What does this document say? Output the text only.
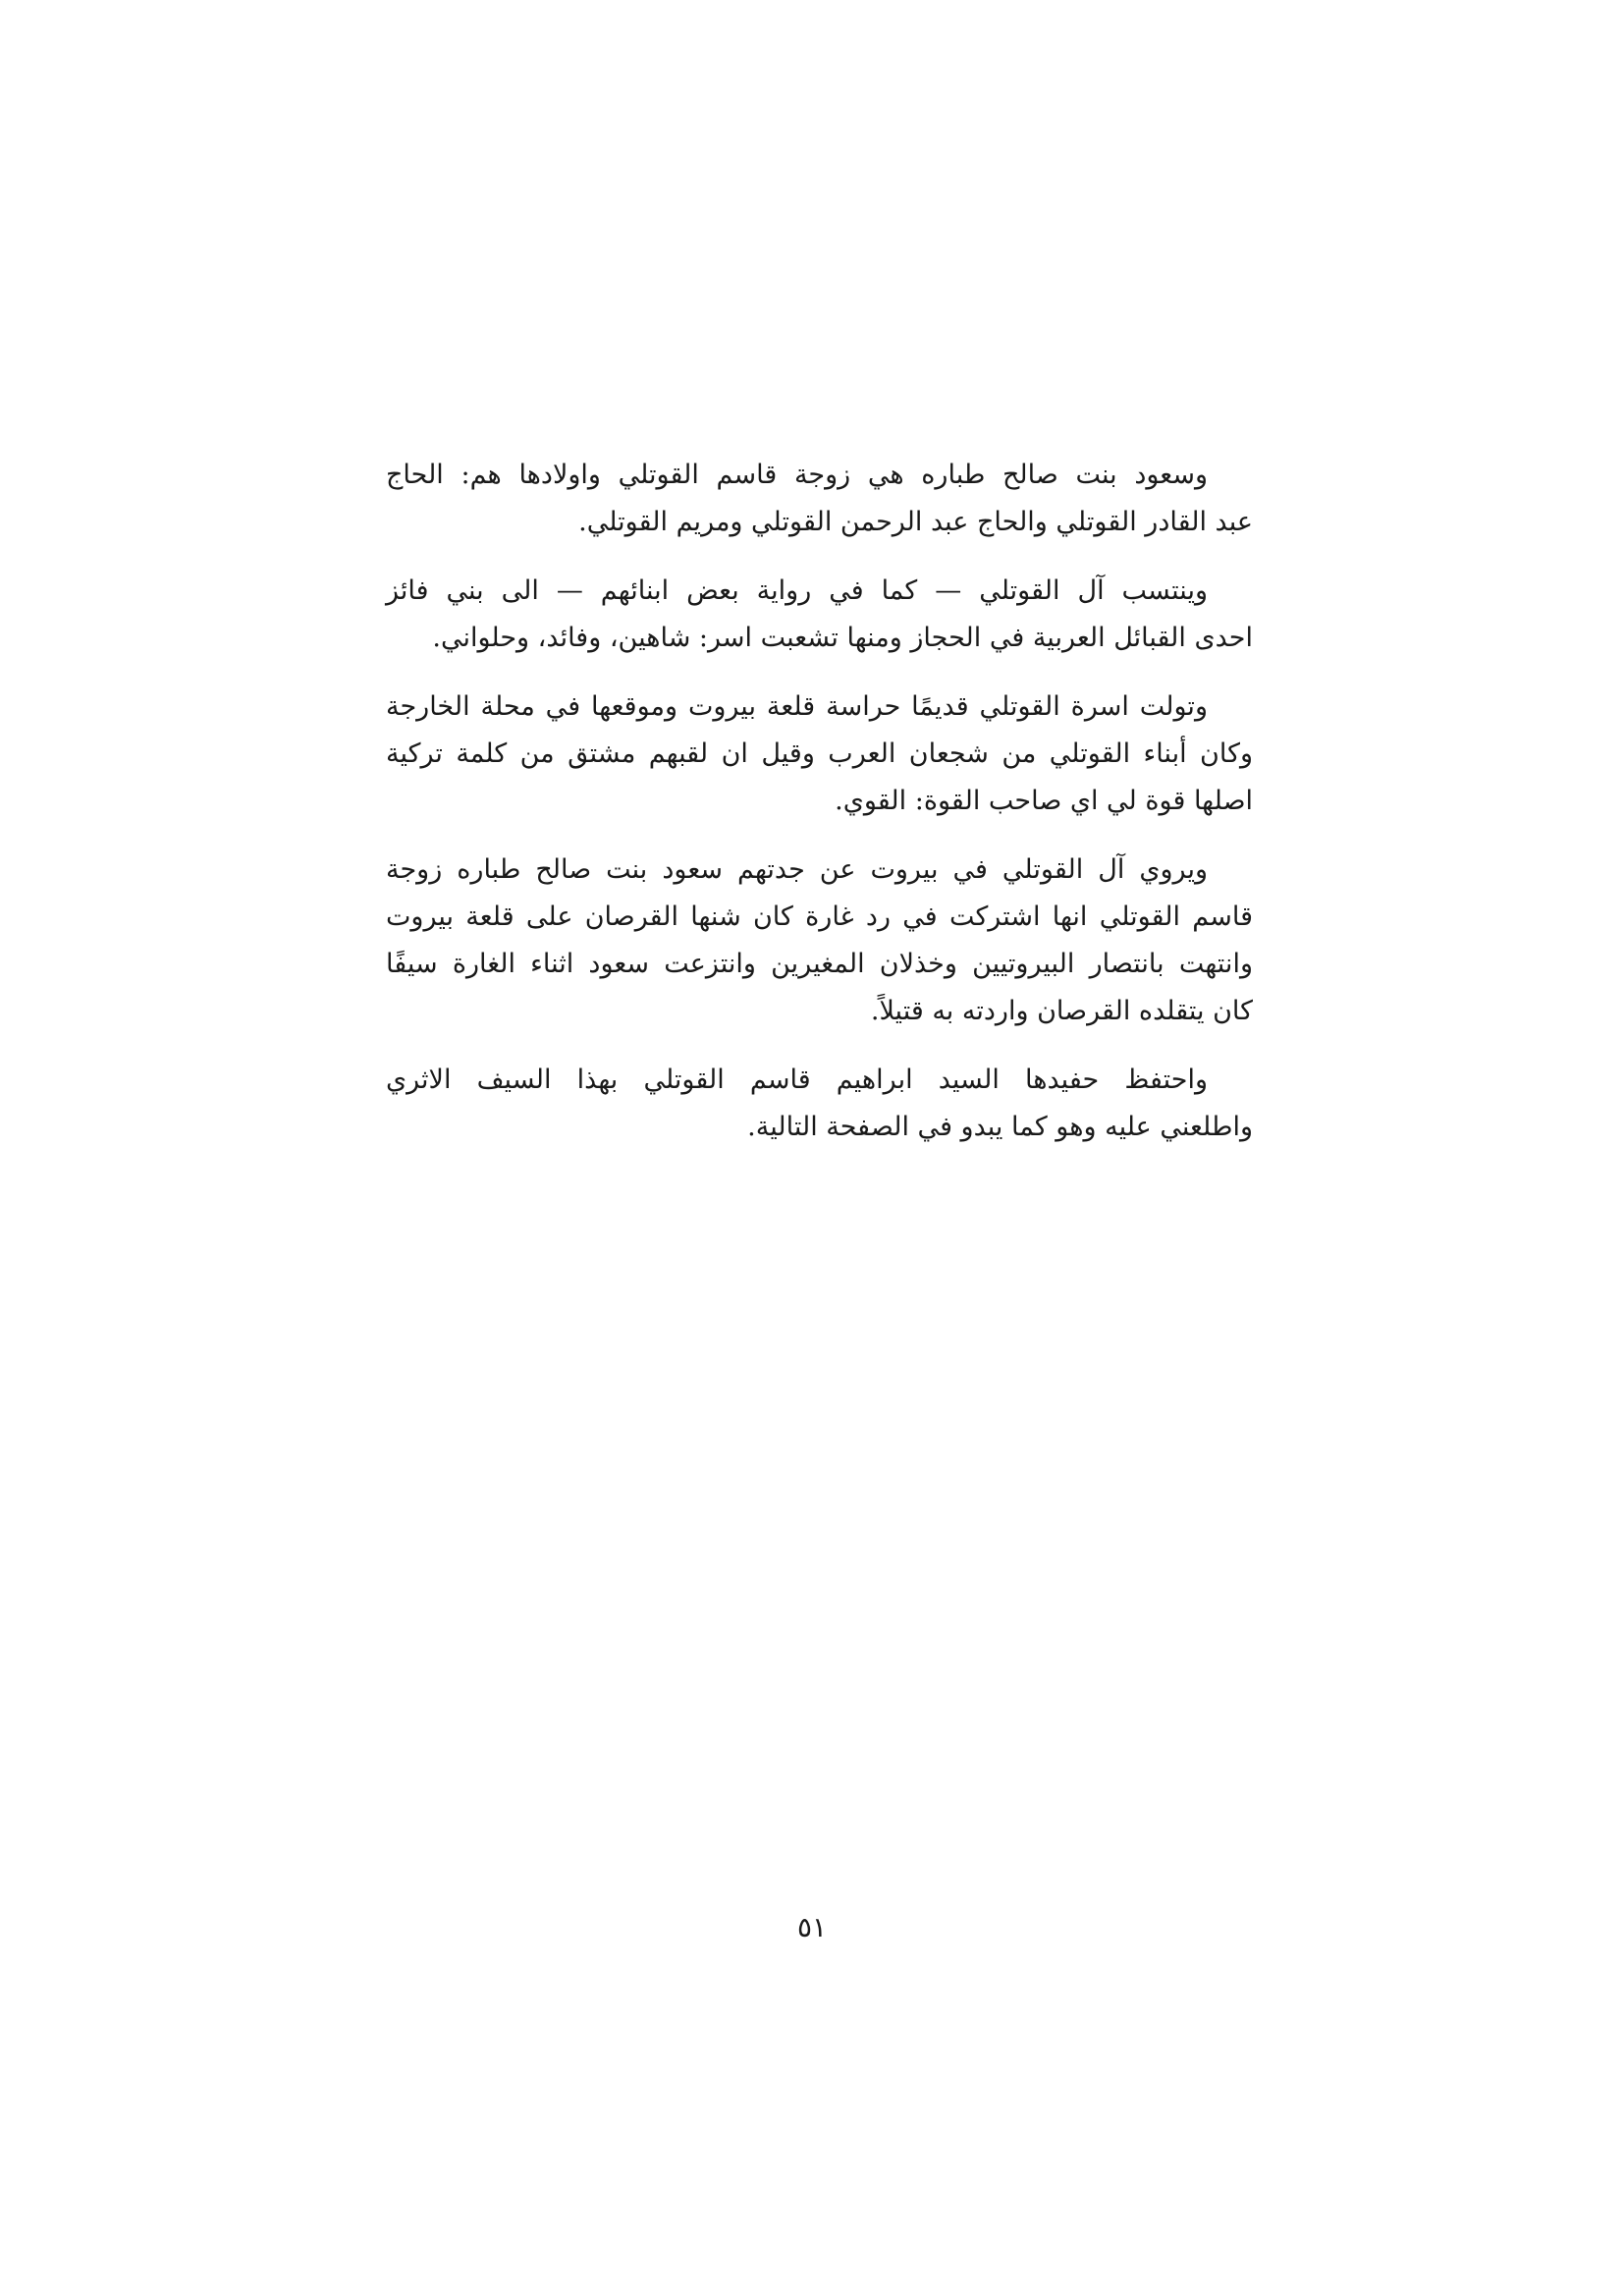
وسعود بنت صالح طباره هي زوجة قاسم القوتلي واولادها هم: الحاج
عبد القادر القوتلي والحاج عبد الرحمن القوتلي ومريم القوتلي.

وينتسب آل القوتلي — كما في رواية بعض ابنائهم — الى بني فائز
احدى القبائل العربية في الحجاز ومنها تشعبت اسر: شاهين، وفائد، وحلواني.

وتولت اسرة القوتلي قديمًا حراسة قلعة بيروت وموقعها في محلة الخارجة
وكان أبناء القوتلي من شجعان العرب وقيل ان لقبهم مشتق من كلمة تركية
اصلها قوة لي اي صاحب القوة: القوي.

ويروي آل القوتلي في بيروت عن جدتهم سعود بنت صالح طباره زوجة
قاسم القوتلي انها اشتركت في رد غارة كان شنها القرصان على قلعة بيروت
وانتهت بانتصار البيروتيين وخذلان المغيرين وانتزعت سعود اثناء الغارة سيفًا
كان يتقلده القرصان واردته به قتيلاً.

واحتفظ حفيدها السيد ابراهيم قاسم القوتلي بهذا السيف الاثري
واطلعني عليه وهو كما يبدو في الصفحة التالية.

٥١
